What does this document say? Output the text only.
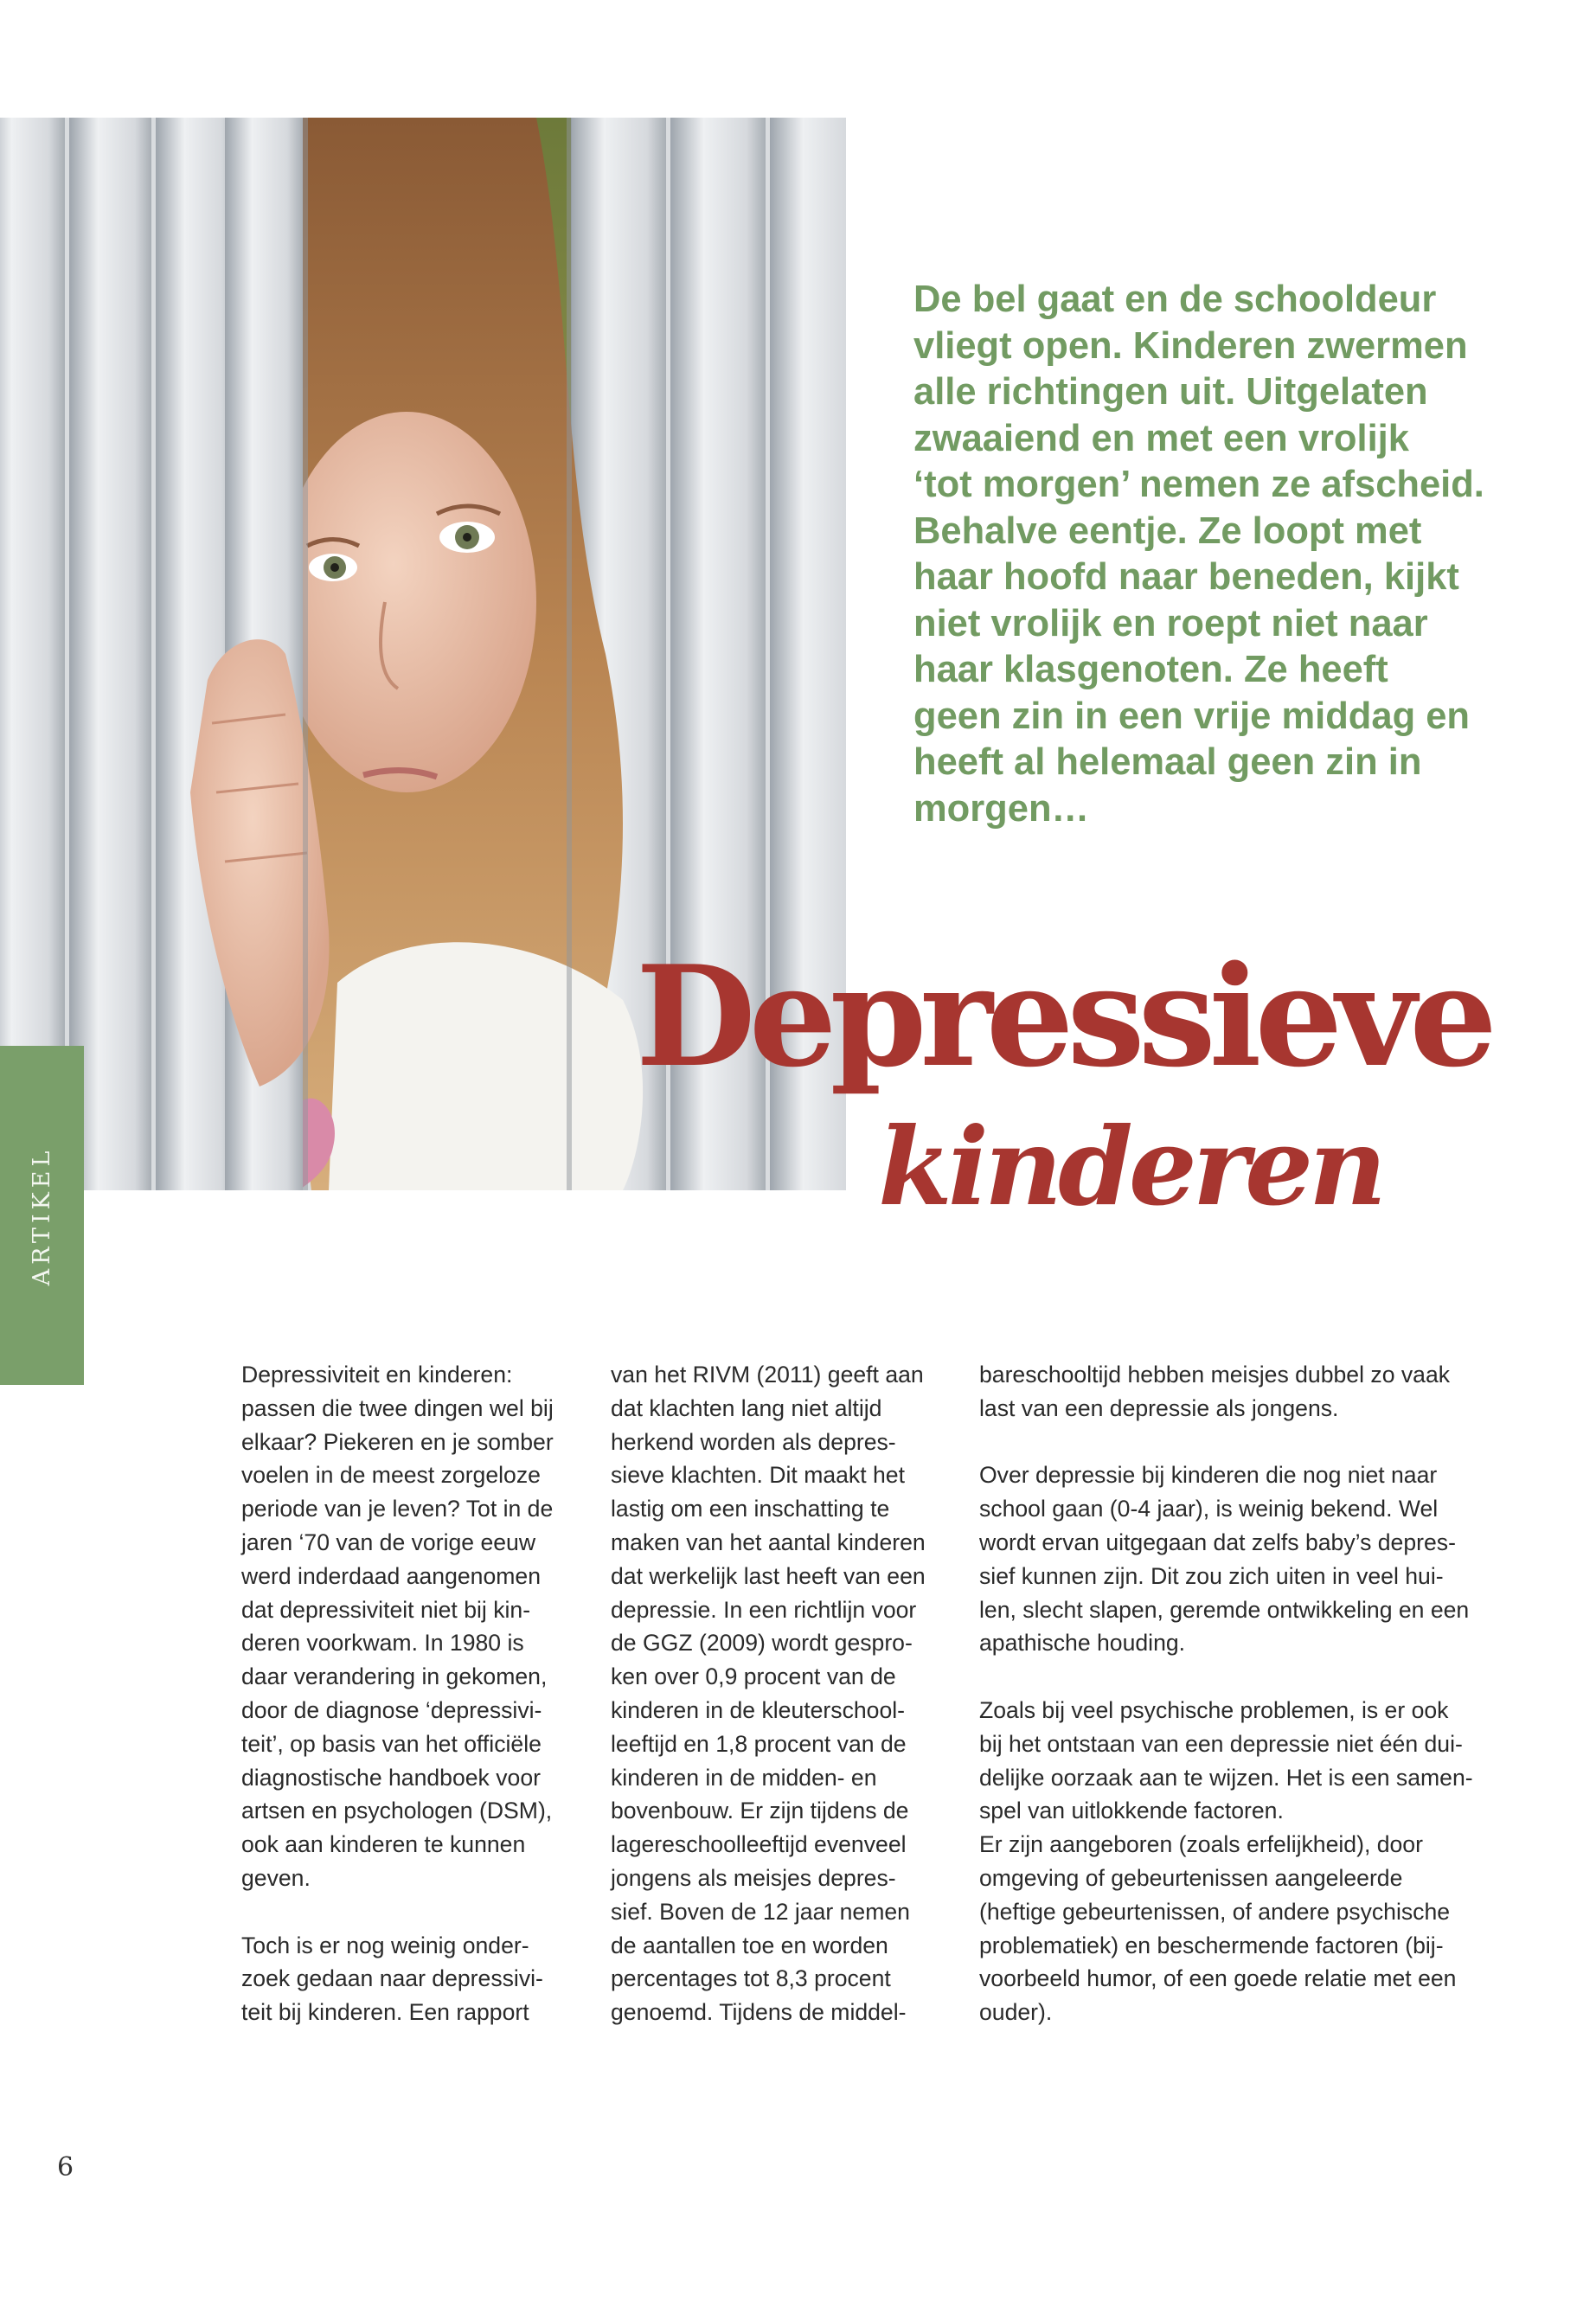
ARTIKEL

De bel gaat en de schooldeur
vliegt open. Kinderen zwermen
alle richtingen uit. Uitgelaten
zwaaiend en met een vrolijk
‘tot morgen’ nemen ze afscheid.
Behalve eentje. Ze loopt met
haar hoofd naar beneden, kijkt
niet vrolijk en roept niet naar
haar klasgenoten. Ze heeft
geen zin in een vrije middag en
heeft al helemaal geen zin in
morgen…

Depressieve
kinderen

Depressiviteit en kinderen:
passen die twee dingen wel bij
elkaar? Piekeren en je somber
voelen in de meest zorgeloze
periode van je leven? Tot in de
jaren ‘70 van de vorige eeuw
werd inderdaad aangenomen
dat depressiviteit niet bij kin-
deren voorkwam. In 1980 is
daar verandering in gekomen,
door de diagnose ‘depressivi-
teit’, op basis van het officiële
diagnostische handboek voor
artsen en psychologen (DSM),
ook aan kinderen te kunnen
geven.

Toch is er nog weinig onder-
zoek gedaan naar depressivi-
teit bij kinderen. Een rapport

van het RIVM (2011) geeft aan
dat klachten lang niet altijd
herkend worden als depres-
sieve klachten. Dit maakt het
lastig om een inschatting te
maken van het aantal kinderen
dat werkelijk last heeft van een
depressie. In een richtlijn voor
de GGZ (2009) wordt gespro-
ken over 0,9 procent van de
kinderen in de kleuterschool-
leeftijd en 1,8 procent van de
kinderen in de midden- en
bovenbouw. Er zijn tijdens de
lagereschoolleeftijd evenveel
jongens als meisjes depres-
sief. Boven de 12 jaar nemen
de aantallen toe en worden
percentages tot 8,3 procent
genoemd. Tijdens de middel-

bareschooltijd hebben meisjes dubbel zo vaak
last van een depressie als jongens.

Over depressie bij kinderen die nog niet naar
school gaan (0-4 jaar), is weinig bekend. Wel
wordt ervan uitgegaan dat zelfs baby’s depres-
sief kunnen zijn. Dit zou zich uiten in veel hui-
len, slecht slapen, geremde ontwikkeling en een
apathische houding.

Zoals bij veel psychische problemen, is er ook
bij het ontstaan van een depressie niet één dui-
delijke oorzaak aan te wijzen. Het is een samen-
spel van uitlokkende factoren.
Er zijn aangeboren (zoals erfelijkheid), door
omgeving of gebeurtenissen aangeleerde
(heftige gebeurtenissen, of andere psychische
problematiek) en beschermende factoren (bij-
voorbeeld humor, of een goede relatie met een
ouder).

6
